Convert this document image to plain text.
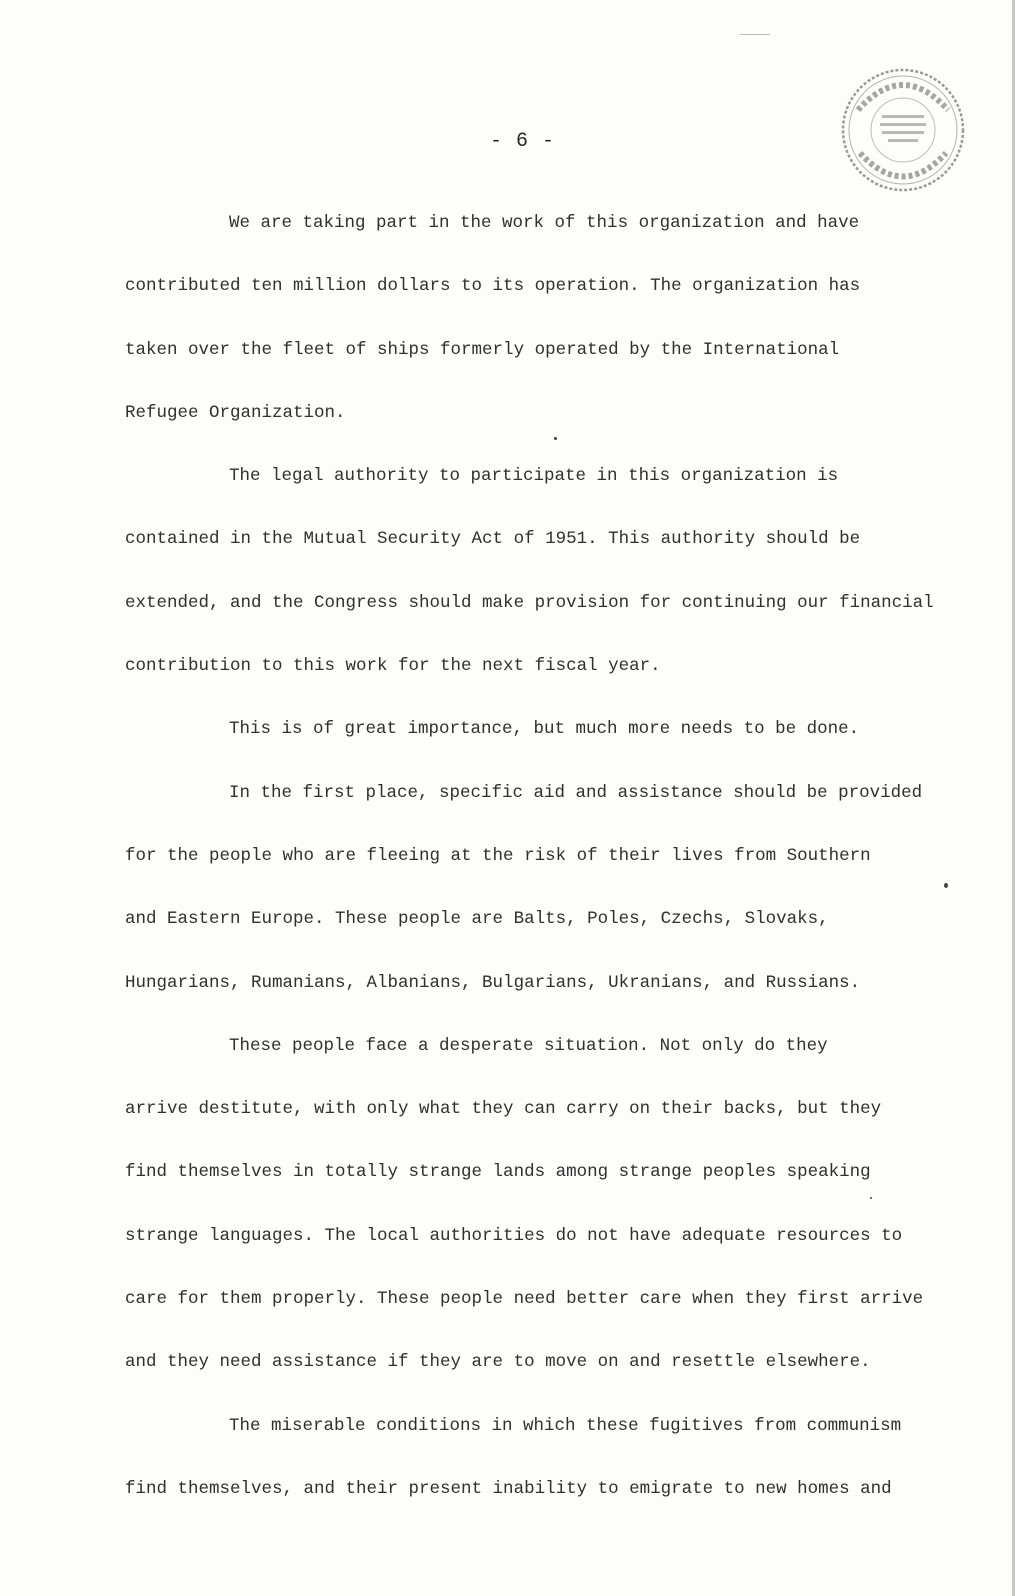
- 6 -
We are taking part in the work of this organization and have
contributed ten million dollars to its operation. The organization has
taken over the fleet of ships formerly operated by the International
Refugee Organization.
The legal authority to participate in this organization is
contained in the Mutual Security Act of 1951. This authority should be
extended, and the Congress should make provision for continuing our financial
contribution to this work for the next fiscal year.
This is of great importance, but much more needs to be done.
In the first place, specific aid and assistance should be provided
for the people who are fleeing at the risk of their lives from Southern
and Eastern Europe. These people are Balts, Poles, Czechs, Slovaks,
Hungarians, Rumanians, Albanians, Bulgarians, Ukranians, and Russians.
These people face a desperate situation. Not only do they
arrive destitute, with only what they can carry on their backs, but they
find themselves in totally strange lands among strange peoples speaking
strange languages. The local authorities do not have adequate resources to
care for them properly. These people need better care when they first arrive
and they need assistance if they are to move on and resettle elsewhere.
The miserable conditions in which these fugitives from communism
find themselves, and their present inability to emigrate to new homes and
